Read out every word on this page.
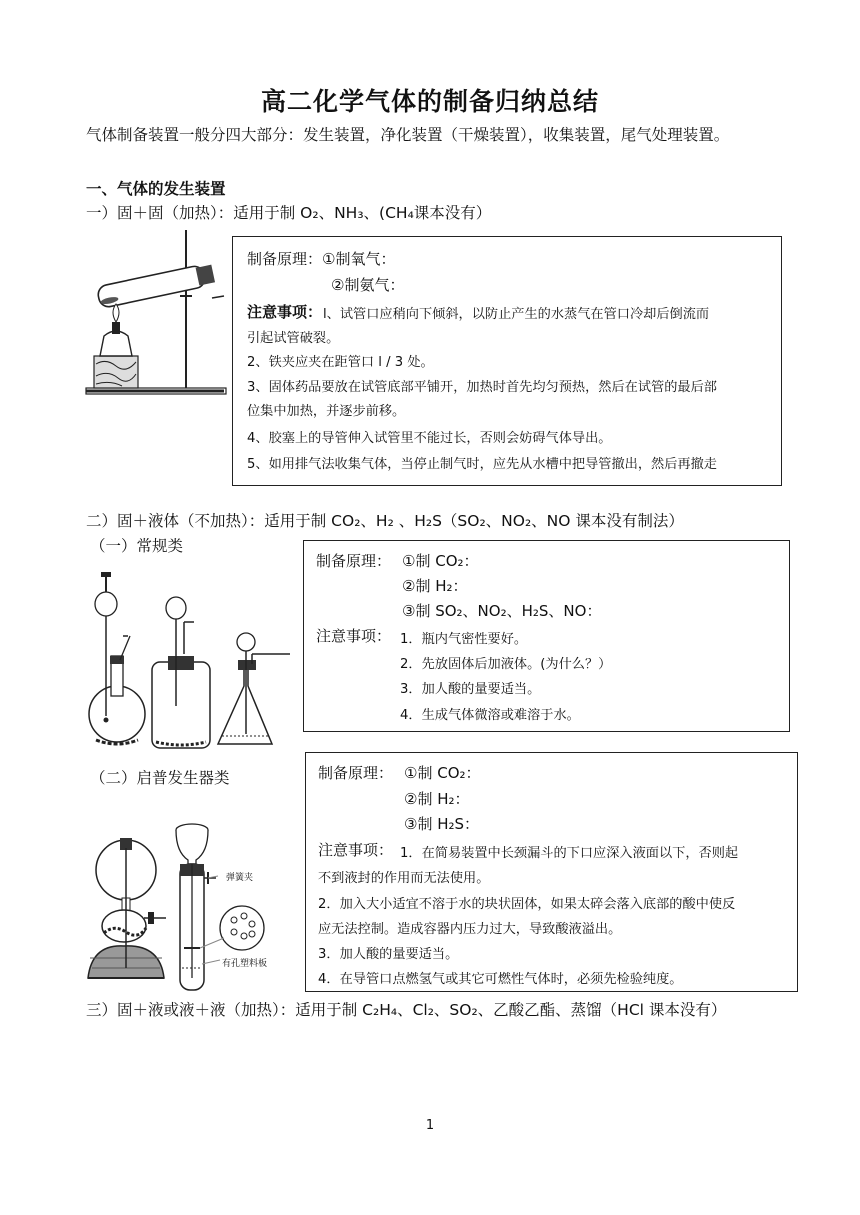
高二化学气体的制备归纳总结
气体制备装置一般分四大部分：发生装置，净化装置（干燥装置），收集装置，尾气处理装置。
一、气体的发生装置
一）固＋固（加热）：适用于制 O₂、NH₃、(CH₄课本没有）
制备原理： ①制氧气：
②制氨气：
注意事项： l、试管口应稍向下倾斜，以防止产生的水蒸气在管口冷却后倒流而
引起试管破裂。
2、铁夹应夹在距管口 l / 3 处。
3、固体药品要放在试管底部平铺开，加热时首先均匀预热，然后在试管的最后部
位集中加热，并逐步前移。
4、胶塞上的导管伸入试管里不能过长，否则会妨碍气体导出。
5、如用排气法收集气体，当停止制气时，应先从水槽中把导管撤出，然后再撤走
二）固＋液体（不加热）：适用于制 CO₂、H₂ 、H₂S（SO₂、NO₂、NO 课本没有制法）
（一）常规类
制备原理： ①制 CO₂：
②制 H₂：
③制 SO₂、NO₂、H₂S、NO：
注意事项： 1．瓶内气密性要好。
2．先放固体后加液体。(为什么？）
3．加人酸的量要适当。
4．生成气体微溶或难溶于水。
（二）启普发生器类
弹簧夹
有孔塑料板
制备原理： ①制 CO₂：
②制 H₂：
③制 H₂S：
注意事项： 1．在简易装置中长颈漏斗的下口应深入液面以下，否则起
不到液封的作用而无法使用。
2．加入大小适宜不溶于水的块状固体，如果太碎会落入底部的酸中使反
应无法控制。造成容器内压力过大，导致酸液溢出。
3．加人酸的量要适当。
4．在导管口点燃氢气或其它可燃性气体时，必须先检验纯度。
三）固＋液或液＋液（加热）：适用于制 C₂H₄、Cl₂、SO₂、乙酸乙酯、蒸馏（HCl 课本没有）
1
